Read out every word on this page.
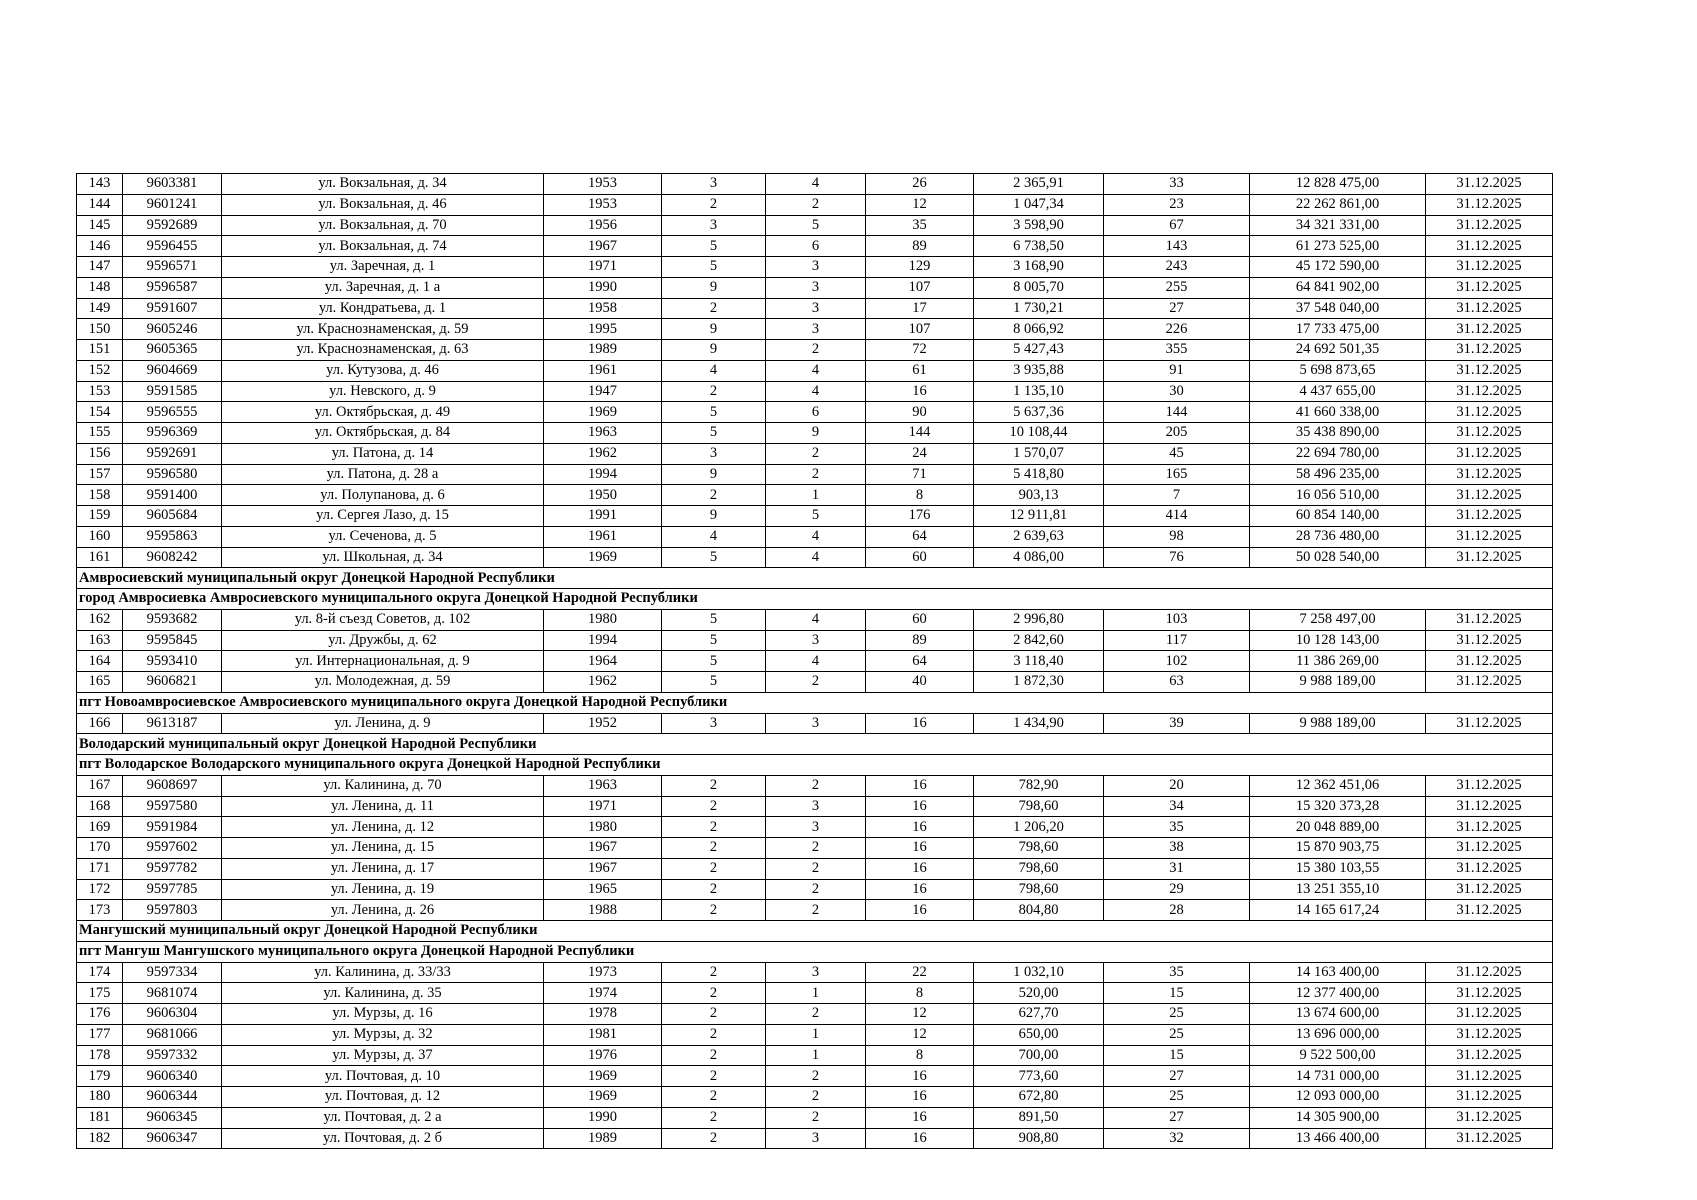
143	9603381	ул. Вокзальная, д. 34	1953	3	4	26	2 365,91	33	12 828 475,00	31.12.2025
144	9601241	ул. Вокзальная, д. 46	1953	2	2	12	1 047,34	23	22 262 861,00	31.12.2025
145	9592689	ул. Вокзальная, д. 70	1956	3	5	35	3 598,90	67	34 321 331,00	31.12.2025
146	9596455	ул. Вокзальная, д. 74	1967	5	6	89	6 738,50	143	61 273 525,00	31.12.2025
147	9596571	ул. Заречная, д. 1	1971	5	3	129	3 168,90	243	45 172 590,00	31.12.2025
148	9596587	ул. Заречная, д. 1 а	1990	9	3	107	8 005,70	255	64 841 902,00	31.12.2025
149	9591607	ул. Кондратьева, д. 1	1958	2	3	17	1 730,21	27	37 548 040,00	31.12.2025
150	9605246	ул. Краснознаменская, д. 59	1995	9	3	107	8 066,92	226	17 733 475,00	31.12.2025
151	9605365	ул. Краснознаменская, д. 63	1989	9	2	72	5 427,43	355	24 692 501,35	31.12.2025
152	9604669	ул. Кутузова, д. 46	1961	4	4	61	3 935,88	91	5 698 873,65	31.12.2025
153	9591585	ул. Невского, д. 9	1947	2	4	16	1 135,10	30	4 437 655,00	31.12.2025
154	9596555	ул. Октябрьская, д. 49	1969	5	6	90	5 637,36	144	41 660 338,00	31.12.2025
155	9596369	ул. Октябрьская, д. 84	1963	5	9	144	10 108,44	205	35 438 890,00	31.12.2025
156	9592691	ул. Патона, д. 14	1962	3	2	24	1 570,07	45	22 694 780,00	31.12.2025
157	9596580	ул. Патона, д. 28 а	1994	9	2	71	5 418,80	165	58 496 235,00	31.12.2025
158	9591400	ул. Полупанова, д. 6	1950	2	1	8	903,13	7	16 056 510,00	31.12.2025
159	9605684	ул. Сергея Лазо, д. 15	1991	9	5	176	12 911,81	414	60 854 140,00	31.12.2025
160	9595863	ул. Сеченова, д. 5	1961	4	4	64	2 639,63	98	28 736 480,00	31.12.2025
161	9608242	ул. Школьная, д. 34	1969	5	4	60	4 086,00	76	50 028 540,00	31.12.2025
Амвросиевский муниципальный округ Донецкой Народной Республики										
город Амвросиевка Амвросиевского муниципального округа Донецкой Народной Республики										
162	9593682	ул. 8-й съезд Советов, д. 102	1980	5	4	60	2 996,80	103	7 258 497,00	31.12.2025
163	9595845	ул. Дружбы, д. 62	1994	5	3	89	2 842,60	117	10 128 143,00	31.12.2025
164	9593410	ул. Интернациональная, д. 9	1964	5	4	64	3 118,40	102	11 386 269,00	31.12.2025
165	9606821	ул. Молодежная, д. 59	1962	5	2	40	1 872,30	63	9 988 189,00	31.12.2025
пгт Новоамвросиевское Амвросиевского муниципального округа Донецкой Народной Республики										
166	9613187	ул. Ленина, д. 9	1952	3	3	16	1 434,90	39	9 988 189,00	31.12.2025
Володарский муниципальный округ Донецкой Народной Республики										
пгт Володарское Володарского муниципального округа Донецкой Народной Республики										
167	9608697	ул. Калинина, д. 70	1963	2	2	16	782,90	20	12 362 451,06	31.12.2025
168	9597580	ул. Ленина, д. 11	1971	2	3	16	798,60	34	15 320 373,28	31.12.2025
169	9591984	ул. Ленина, д. 12	1980	2	3	16	1 206,20	35	20 048 889,00	31.12.2025
170	9597602	ул. Ленина, д. 15	1967	2	2	16	798,60	38	15 870 903,75	31.12.2025
171	9597782	ул. Ленина, д. 17	1967	2	2	16	798,60	31	15 380 103,55	31.12.2025
172	9597785	ул. Ленина, д. 19	1965	2	2	16	798,60	29	13 251 355,10	31.12.2025
173	9597803	ул. Ленина, д. 26	1988	2	2	16	804,80	28	14 165 617,24	31.12.2025
Мангушский муниципальный округ Донецкой Народной Республики										
пгт Мангуш Мангушского муниципального округа Донецкой Народной Республики										
174	9597334	ул. Калинина, д. 33/33	1973	2	3	22	1 032,10	35	14 163 400,00	31.12.2025
175	9681074	ул. Калинина, д. 35	1974	2	1	8	520,00	15	12 377 400,00	31.12.2025
176	9606304	ул. Мурзы, д. 16	1978	2	2	12	627,70	25	13 674 600,00	31.12.2025
177	9681066	ул. Мурзы, д. 32	1981	2	1	12	650,00	25	13 696 000,00	31.12.2025
178	9597332	ул. Мурзы, д. 37	1976	2	1	8	700,00	15	9 522 500,00	31.12.2025
179	9606340	ул. Почтовая, д. 10	1969	2	2	16	773,60	27	14 731 000,00	31.12.2025
180	9606344	ул. Почтовая, д. 12	1969	2	2	16	672,80	25	12 093 000,00	31.12.2025
181	9606345	ул. Почтовая, д. 2 а	1990	2	2	16	891,50	27	14 305 900,00	31.12.2025
182	9606347	ул. Почтовая, д. 2 б	1989	2	3	16	908,80	32	13 466 400,00	31.12.2025
